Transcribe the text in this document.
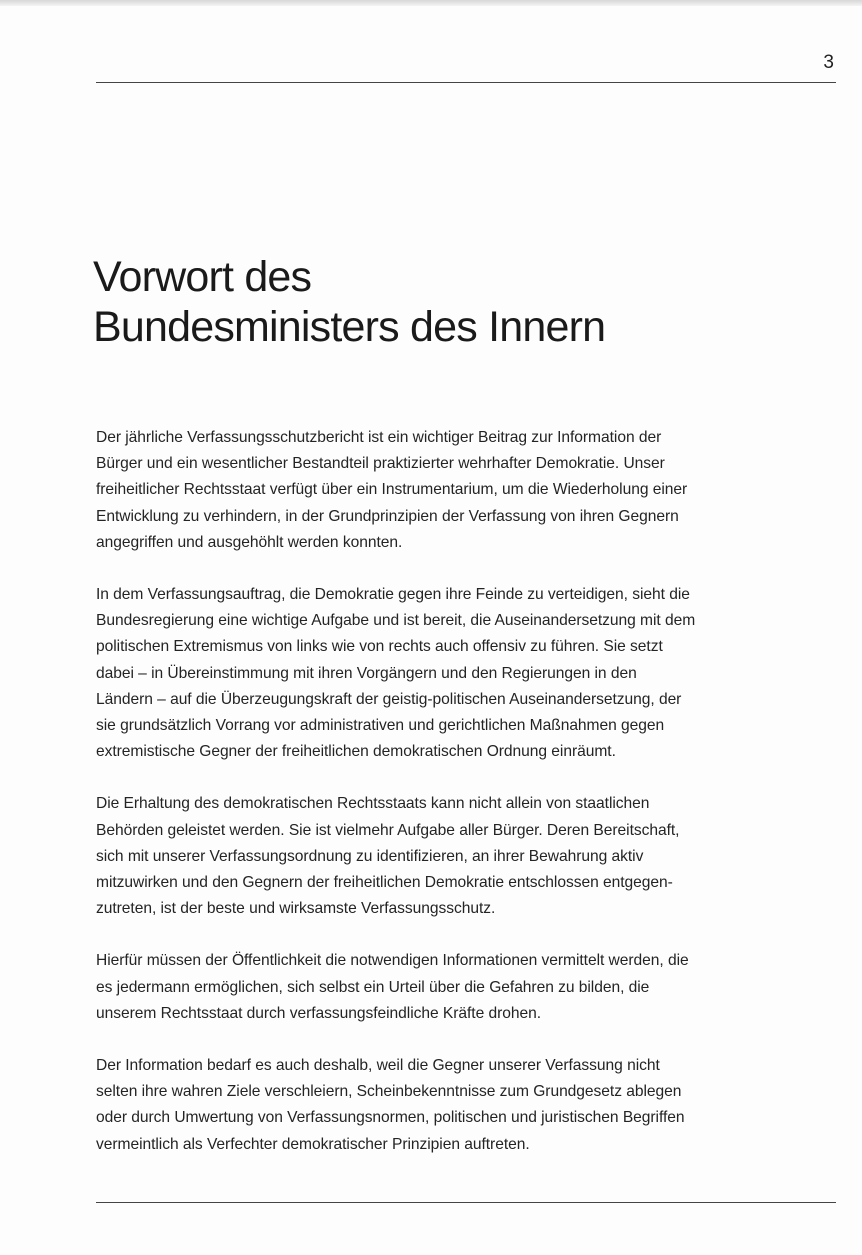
3
Vorwort des
Bundesministers des Innern

Der jährliche Verfassungsschutzbericht ist ein wichtiger Beitrag zur Information der
Bürger und ein wesentlicher Bestandteil praktizierter wehrhafter Demokratie. Unser
freiheitlicher Rechtsstaat verfügt über ein Instrumentarium, um die Wiederholung einer
Entwicklung zu verhindern, in der Grundprinzipien der Verfassung von ihren Gegnern
angegriffen und ausgehöhlt werden konnten.

In dem Verfassungsauftrag, die Demokratie gegen ihre Feinde zu verteidigen, sieht die
Bundesregierung eine wichtige Aufgabe und ist bereit, die Auseinandersetzung mit dem
politischen Extremismus von links wie von rechts auch offensiv zu führen. Sie setzt
dabei – in Übereinstimmung mit ihren Vorgängern und den Regierungen in den
Ländern – auf die Überzeugungskraft der geistig-politischen Auseinandersetzung, der
sie grundsätzlich Vorrang vor administrativen und gerichtlichen Maßnahmen gegen
extremistische Gegner der freiheitlichen demokratischen Ordnung einräumt.

Die Erhaltung des demokratischen Rechtsstaats kann nicht allein von staatlichen
Behörden geleistet werden. Sie ist vielmehr Aufgabe aller Bürger. Deren Bereitschaft,
sich mit unserer Verfassungsordnung zu identifizieren, an ihrer Bewahrung aktiv
mitzuwirken und den Gegnern der freiheitlichen Demokratie entschlossen entgegen-
zutreten, ist der beste und wirksamste Verfassungsschutz.

Hierfür müssen der Öffentlichkeit die notwendigen Informationen vermittelt werden, die
es jedermann ermöglichen, sich selbst ein Urteil über die Gefahren zu bilden, die
unserem Rechtsstaat durch verfassungsfeindliche Kräfte drohen.

Der Information bedarf es auch deshalb, weil die Gegner unserer Verfassung nicht
selten ihre wahren Ziele verschleiern, Scheinbekenntnisse zum Grundgesetz ablegen
oder durch Umwertung von Verfassungsnormen, politischen und juristischen Begriffen
vermeintlich als Verfechter demokratischer Prinzipien auftreten.
